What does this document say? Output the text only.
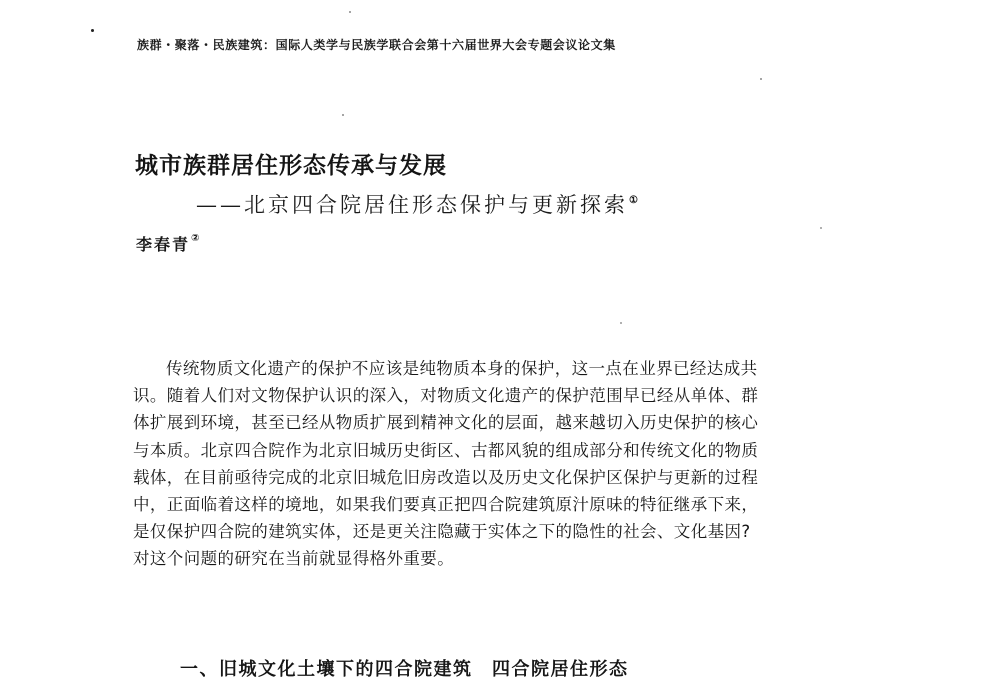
族群・聚落・民族建筑：国际人类学与民族学联合会第十六届世界大会专题会议论文集
城市族群居住形态传承与发展
——北京四合院居住形态保护与更新探索①
李春青②
传统物质文化遗产的保护不应该是纯物质本身的保护，这一点在业界已经达成共
识。随着人们对文物保护认识的深入，对物质文化遗产的保护范围早已经从单体、群
体扩展到环境，甚至已经从物质扩展到精神文化的层面，越来越切入历史保护的核心
与本质。北京四合院作为北京旧城历史街区、古都风貌的组成部分和传统文化的物质
载体，在目前亟待完成的北京旧城危旧房改造以及历史文化保护区保护与更新的过程
中，正面临着这样的境地，如果我们要真正把四合院建筑原汁原味的特征继承下来，
是仅保护四合院的建筑实体，还是更关注隐藏于实体之下的隐性的社会、文化基因?
对这个问题的研究在当前就显得格外重要。
一、旧城文化土壤下的四合院建筑　四合院居住形态
